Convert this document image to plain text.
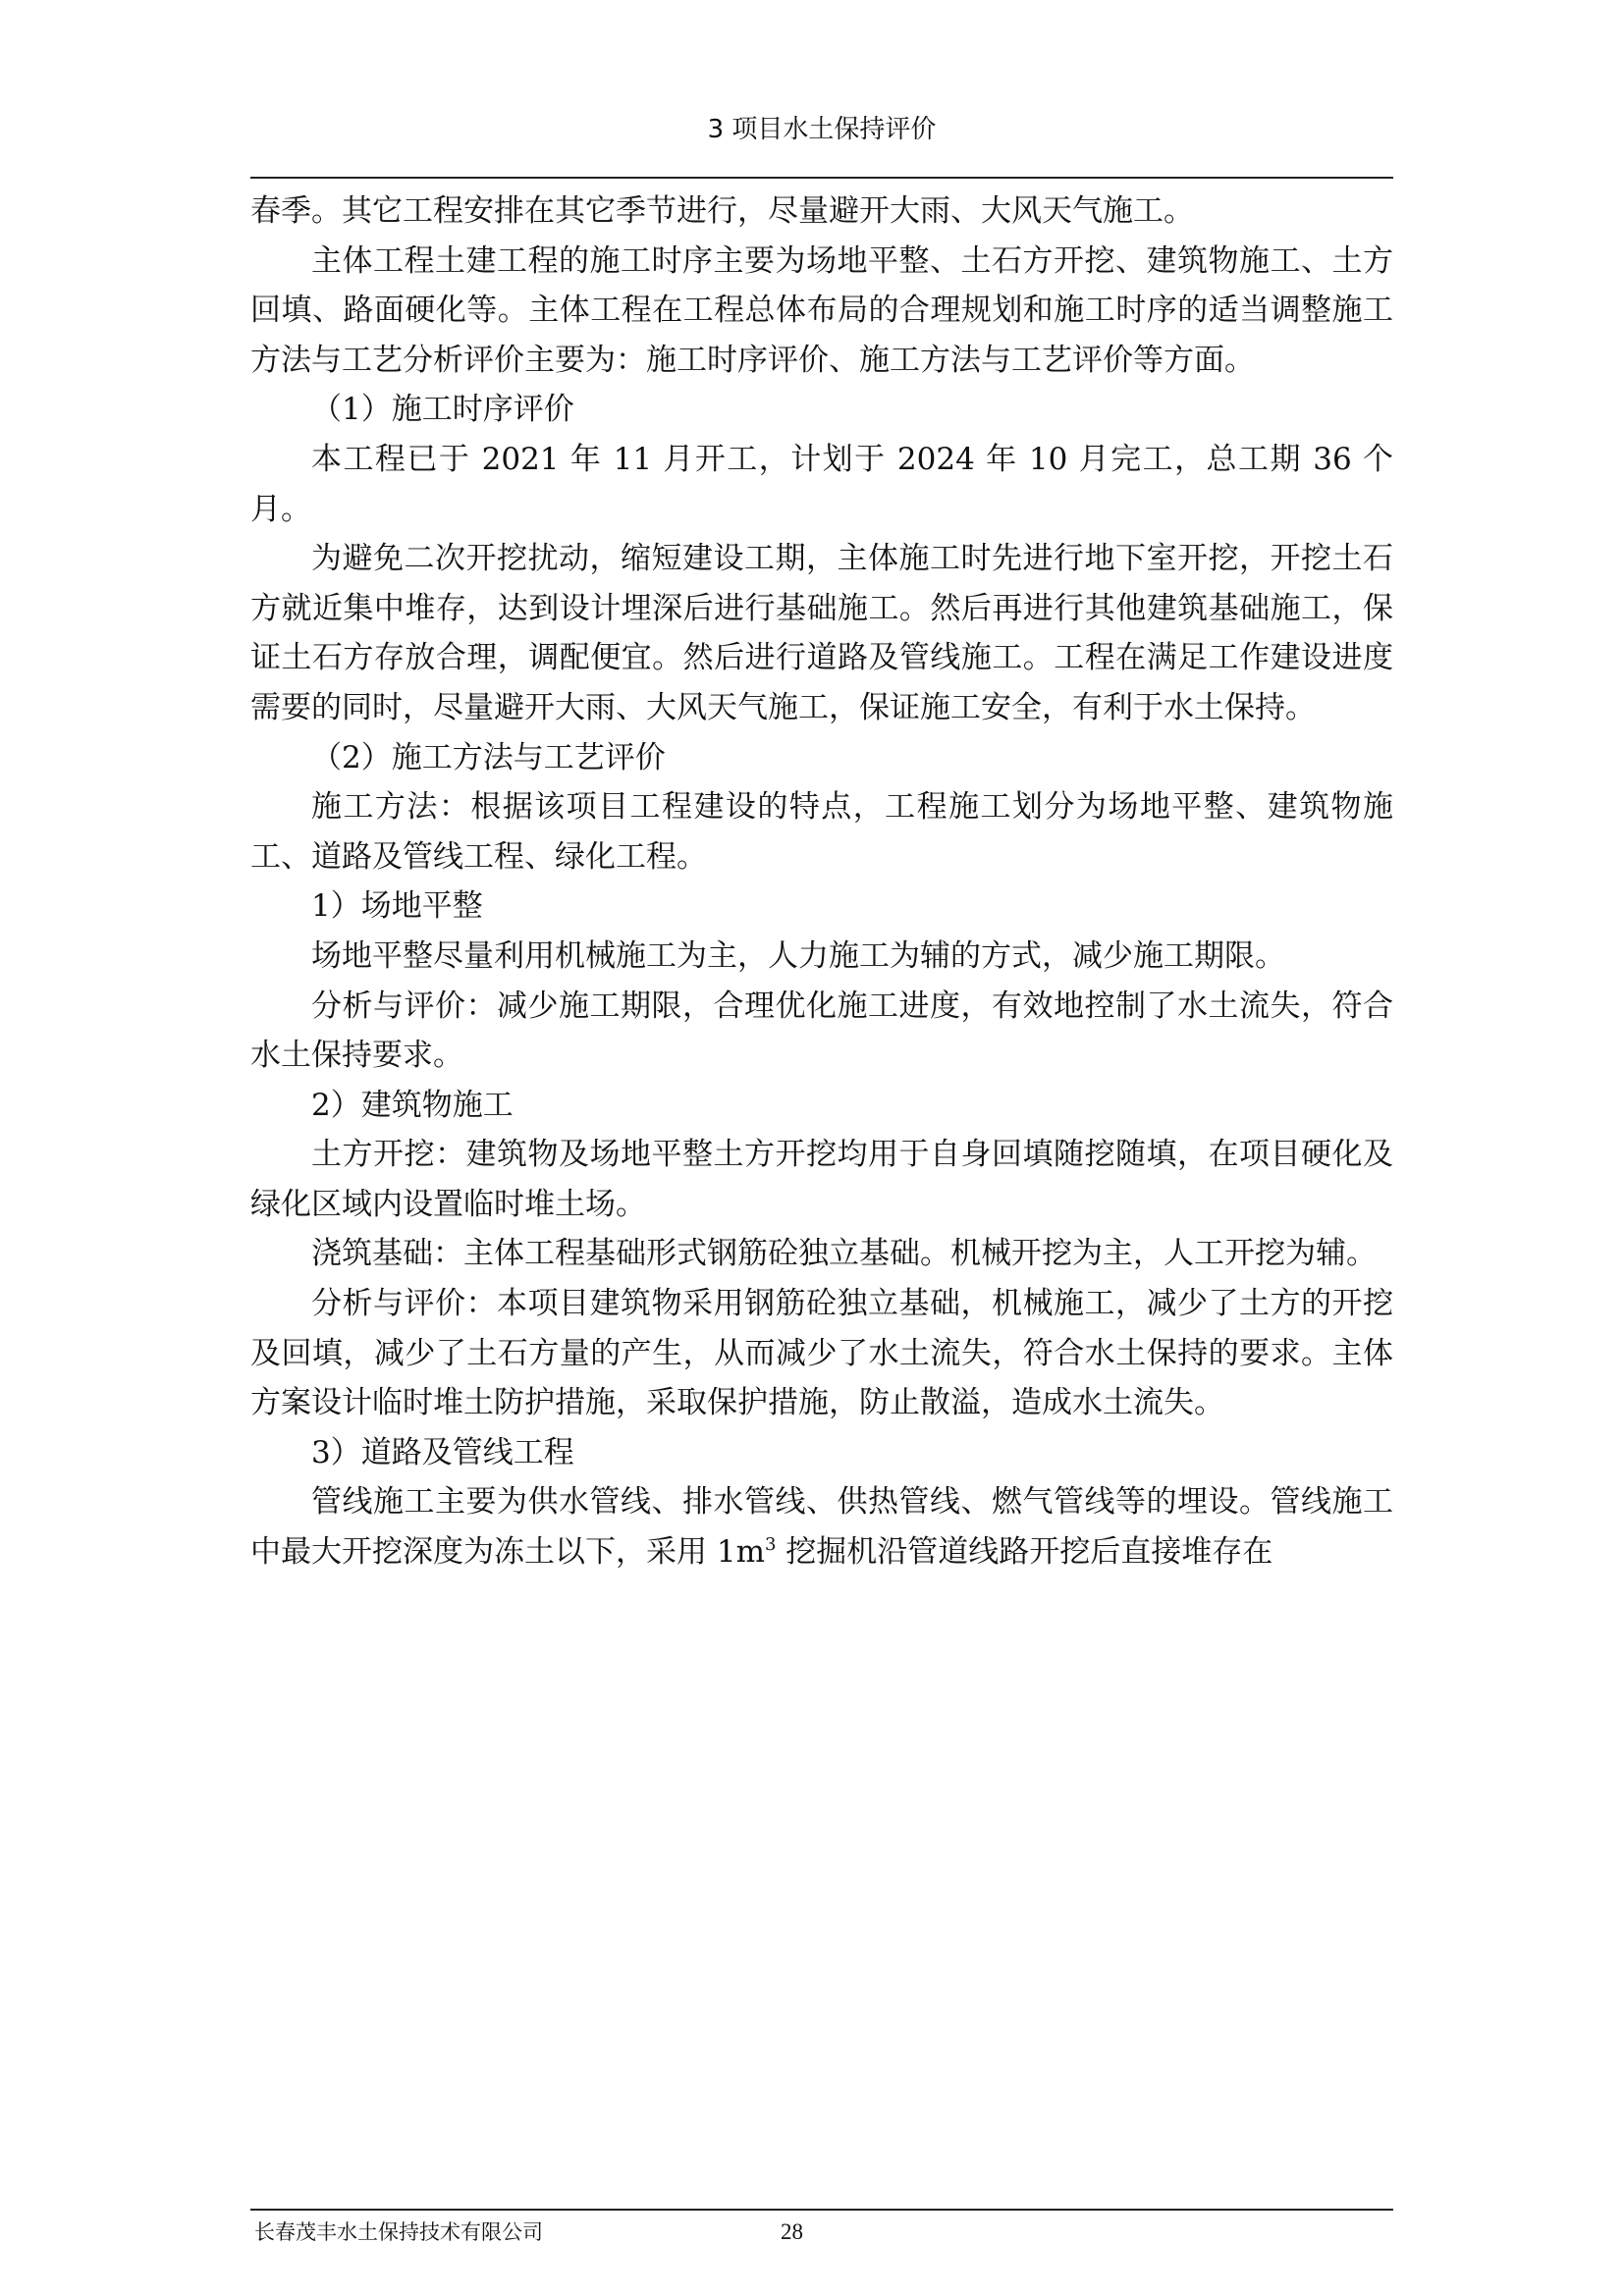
3 项目水土保持评价

春季。其它工程安排在其它季节进行，尽量避开大雨、大风天气施工。

主体工程土建工程的施工时序主要为场地平整、土石方开挖、建筑物施工、土方回填、路面硬化等。主体工程在工程总体布局的合理规划和施工时序的适当调整施工方法与工艺分析评价主要为：施工时序评价、施工方法与工艺评价等方面。

（1）施工时序评价

本工程已于 2021 年 11 月开工，计划于 2024 年 10 月完工，总工期 36 个月。

为避免二次开挖扰动，缩短建设工期，主体施工时先进行地下室开挖，开挖土石方就近集中堆存，达到设计埋深后进行基础施工。然后再进行其他建筑基础施工，保证土石方存放合理，调配便宜。然后进行道路及管线施工。工程在满足工作建设进度需要的同时，尽量避开大雨、大风天气施工，保证施工安全，有利于水土保持。

（2）施工方法与工艺评价

施工方法：根据该项目工程建设的特点，工程施工划分为场地平整、建筑物施工、道路及管线工程、绿化工程。

1）场地平整

场地平整尽量利用机械施工为主，人力施工为辅的方式，减少施工期限。

分析与评价：减少施工期限，合理优化施工进度，有效地控制了水土流失，符合水土保持要求。

2）建筑物施工

土方开挖：建筑物及场地平整土方开挖均用于自身回填随挖随填，在项目硬化及绿化区域内设置临时堆土场。

浇筑基础：主体工程基础形式钢筋砼独立基础。机械开挖为主，人工开挖为辅。

分析与评价：本项目建筑物采用钢筋砼独立基础，机械施工，减少了土方的开挖及回填，减少了土石方量的产生，从而减少了水土流失，符合水土保持的要求。主体方案设计临时堆土防护措施，采取保护措施，防止散溢，造成水土流失。

3）道路及管线工程

管线施工主要为供水管线、排水管线、供热管线、燃气管线等的埋设。管线施工中最大开挖深度为冻土以下，采用 $1m^3$ 挖掘机沿管道线路开挖后直接堆存在

长春茂丰水土保持技术有限公司	28
